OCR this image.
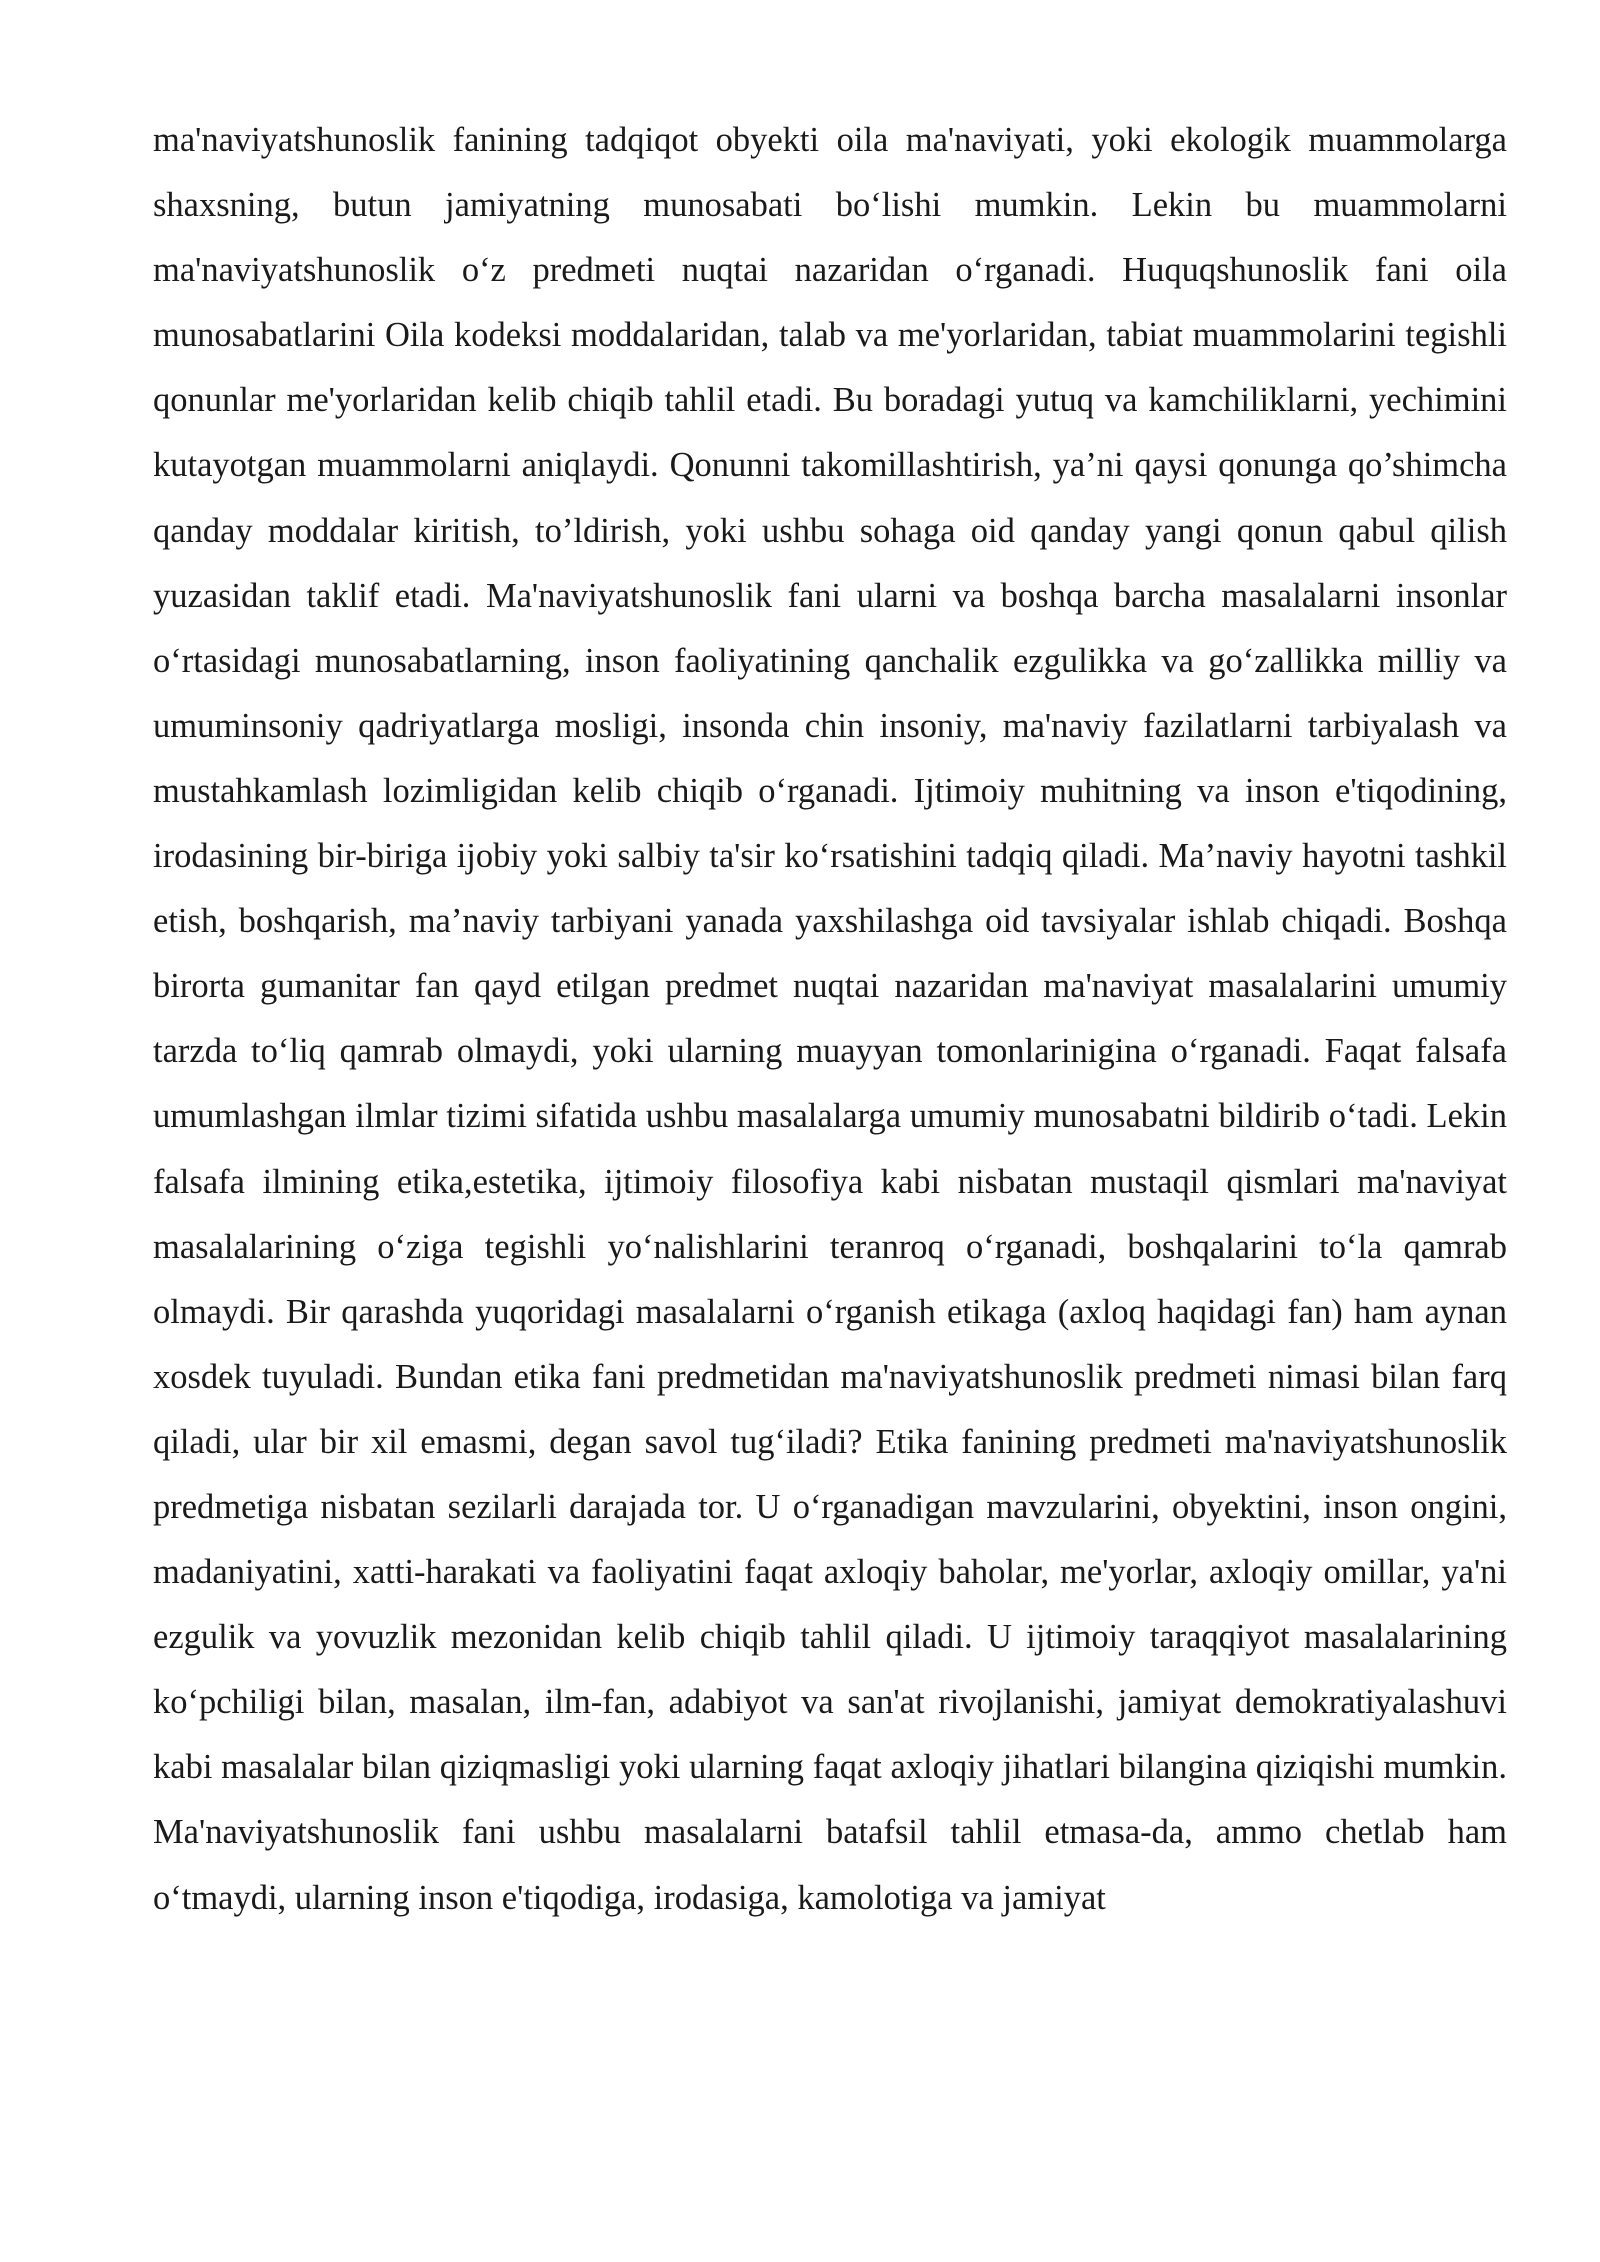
ma'naviyatshunoslik fanining tadqiqot obyekti oila ma'naviyati, yoki ekologik muammolarga shaxsning, butun jamiyatning munosabati boʻlishi mumkin. Lekin bu muammolarni ma'naviyatshunoslik oʻz predmeti nuqtai nazaridan oʻrganadi. Huquqshunoslik fani oila munosabatlarini Oila kodeksi moddalaridan, talab va me'yorlaridan, tabiat muammolarini tegishli qonunlar me'yorlaridan kelib chiqib tahlil etadi. Bu boradagi yutuq va kamchiliklarni, yechimini kutayotgan muammolarni aniqlaydi. Qonunni takomillashtirish, ya’ni qaysi qonunga qo’shimcha qanday moddalar kiritish, to’ldirish, yoki ushbu sohaga oid qanday yangi qonun qabul qilish yuzasidan taklif etadi. Ma'naviyatshunoslik fani ularni va boshqa barcha masalalarni insonlar oʻrtasidagi munosabatlarning, inson faoliyatining qanchalik ezgulikka va goʻzallikka milliy va umuminsoniy qadriyatlarga mosligi, insonda chin insoniy, ma'naviy fazilatlarni tarbiyalash va mustahkamlash lozimligidan kelib chiqib oʻrganadi. Ijtimoiy muhitning va inson e'tiqodining, irodasining bir-biriga ijobiy yoki salbiy ta'sir koʻrsatishini tadqiq qiladi. Ma’naviy hayotni tashkil etish, boshqarish, ma’naviy tarbiyani yanada yaxshilashga oid tavsiyalar ishlab chiqadi. Boshqa birorta gumanitar fan qayd etilgan predmet nuqtai nazaridan ma'naviyat masalalarini umumiy tarzda toʻliq qamrab olmaydi, yoki ularning muayyan tomonlarinigina oʻrganadi. Faqat falsafa umumlashgan ilmlar tizimi sifatida ushbu masalalarga umumiy munosabatni bildirib oʻtadi. Lekin falsafa ilmining etika,estetika, ijtimoiy filosofiya kabi nisbatan mustaqil qismlari ma'naviyat masalalarining oʻziga tegishli yoʻnalishlarini teranroq oʻrganadi, boshqalarini toʻla qamrab olmaydi. Bir qarashda yuqoridagi masalalarni oʻrganish etikaga (axloq haqidagi fan) ham aynan xosdek tuyuladi. Bundan etika fani predmetidan ma'naviyatshunoslik predmeti nimasi bilan farq qiladi, ular bir xil emasmi, degan savol tugʻiladi? Etika fanining predmeti ma'naviyatshunoslik predmetiga nisbatan sezilarli darajada tor. U oʻrganadigan mavzularini, obyektini, inson ongini, madaniyatini, xatti-harakati va faoliyatini faqat axloqiy baholar, me'yorlar, axloqiy omillar, ya'ni ezgulik va yovuzlik mezonidan kelib chiqib tahlil qiladi. U ijtimoiy taraqqiyot masalalarining koʻpchiligi bilan, masalan, ilm-fan, adabiyot va san'at rivojlanishi, jamiyat demokratiyalashuvi kabi masalalar bilan qiziqmasligi yoki ularning faqat axloqiy jihatlari bilangina qiziqishi mumkin. Ma'naviyatshunoslik fani ushbu masalalarni batafsil tahlil etmasa-da, ammo chetlab ham oʻtmaydi, ularning inson e'tiqodiga, irodasiga, kamolotiga va jamiyat
